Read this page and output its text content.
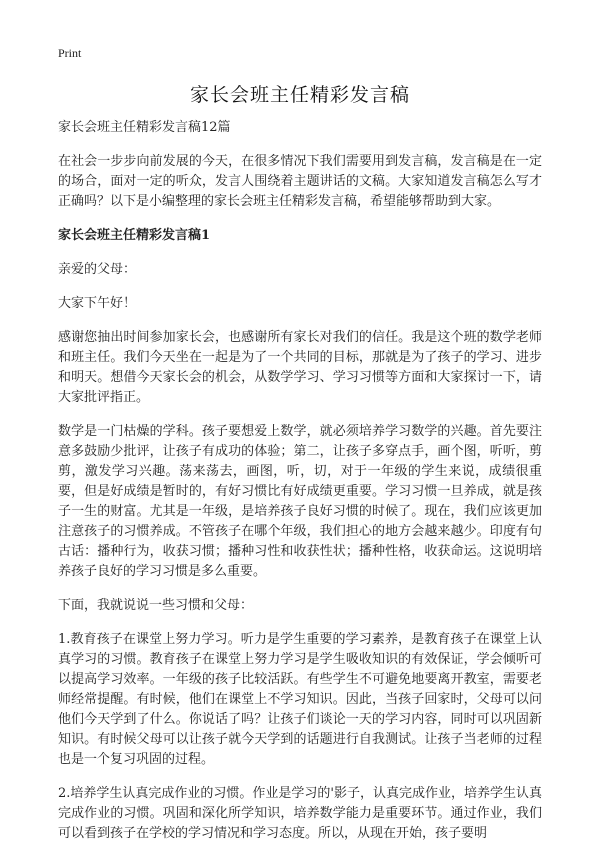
Print
家长会班主任精彩发言稿

家长会班主任精彩发言稿12篇

在社会一步步向前发展的今天，在很多情况下我们需要用到发言稿，发言稿是在一定的场合，面对一定的听众，发言人围绕着主题讲话的文稿。大家知道发言稿怎么写才正确吗？以下是小编整理的家长会班主任精彩发言稿，希望能够帮助到大家。

家长会班主任精彩发言稿1

亲爱的父母：

大家下午好！

感谢您抽出时间参加家长会，也感谢所有家长对我们的信任。我是这个班的数学老师和班主任。我们今天坐在一起是为了一个共同的目标，那就是为了孩子的学习、进步和明天。想借今天家长会的机会，从数学学习、学习习惯等方面和大家探讨一下，请大家批评指正。

数学是一门枯燥的学科。孩子要想爱上数学，就必须培养学习数学的兴趣。首先要注意多鼓励少批评，让孩子有成功的体验；第二，让孩子多穿点手，画个图，听听，剪剪，激发学习兴趣。荡来荡去，画图，听，切，对于一年级的学生来说，成绩很重要，但是好成绩是暂时的，有好习惯比有好成绩更重要。学习习惯一旦养成，就是孩子一生的财富。尤其是一年级，是培养孩子良好习惯的时候了。现在，我们应该更加注意孩子的习惯养成。不管孩子在哪个年级，我们担心的地方会越来越少。印度有句古话：播种行为，收获习惯；播种习性和收获性状；播种性格，收获命运。这说明培养孩子良好的学习习惯是多么重要。

下面，我就说说一些习惯和父母：

1.教育孩子在课堂上努力学习。听力是学生重要的学习素养，是教育孩子在课堂上认真学习的习惯。教育孩子在课堂上努力学习是学生吸收知识的有效保证，学会倾听可以提高学习效率。一年级的孩子比较活跃。有些学生不可避免地要离开教室，需要老师经常提醒。有时候，他们在课堂上不学习知识。因此，当孩子回家时，父母可以问他们今天学到了什么。你说话了吗？让孩子们谈论一天的学习内容，同时可以巩固新知识。有时候父母可以让孩子就今天学到的话题进行自我测试。让孩子当老师的过程也是一个复习巩固的过程。

2.培养学生认真完成作业的习惯。作业是学习的'影子，认真完成作业，培养学生认真完成作业的习惯。巩固和深化所学知识，培养数学能力是重要环节。通过作业，我们可以看到孩子在学校的学习情况和学习态度。所以，从现在开始，孩子要明
